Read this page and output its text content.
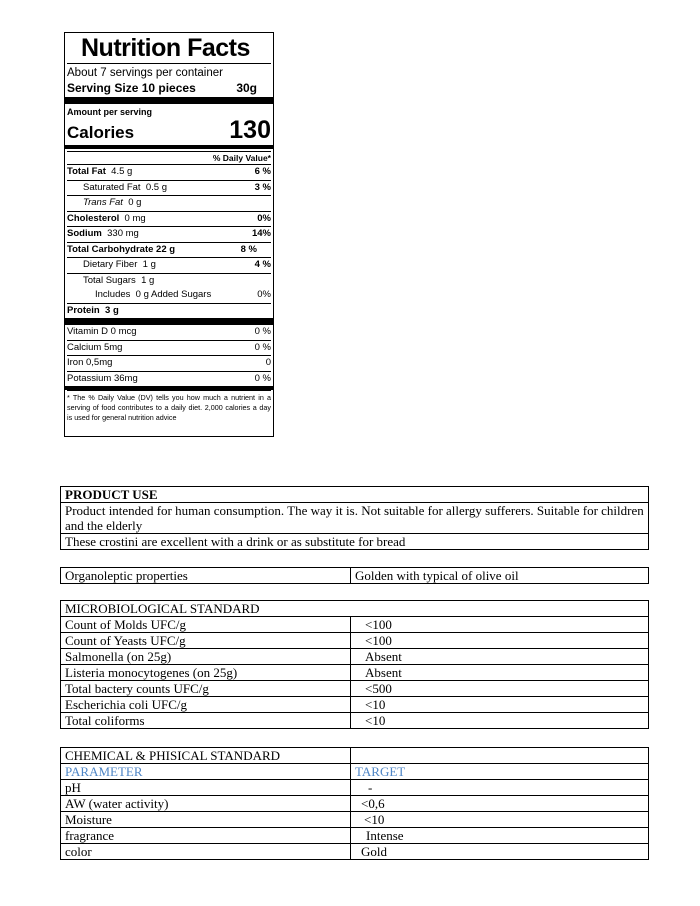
Nutrition Facts
About 7 servings per container
Serving Size 10 pieces	30g
Amount per serving
Calories	130
% Daily Value*
Total Fat 4.5 g	6 %
Saturated Fat 0.5 g	3 %
Trans Fat 0 g
Cholesterol 0 mg	0%
Sodium 330 mg	14%
Total Carbohydrate 22 g	8 %
Dietary Fiber 1 g	4 %
Total Sugars 1 g
Includes 0 g Added Sugars	0%
Protein 3 g
Vitamin D 0 mcg	0 %
Calcium 5mg	0 %
Iron 0,5mg	0
Potassium 36mg	0 %
* The % Daily Value (DV) tells you how much a nutrient in a serving of food contributes to a daily diet. 2,000 calories a day is used for general nutrition advice
PRODUCT USE
Product intended for human consumption. The way it is. Not suitable for allergy sufferers. Suitable for children and the elderly
These crostini are excellent with a drink or as substitute for bread
Organoleptic properties	Golden with typical of olive oil
MICROBIOLOGICAL STANDARD	
Count of Molds UFC/g	<100
Count of Yeasts UFC/g	<100
Salmonella (on 25g)	Absent
Listeria monocytogenes (on 25g)	Absent
Total bactery counts UFC/g	<500
Escherichia coli UFC/g	<10
Total coliforms	<10
CHEMICAL & PHISICAL STANDARD	
PARAMETER	TARGET
pH	-
AW (water activity)	<0,6
Moisture	<10
fragrance	Intense
color	Gold
